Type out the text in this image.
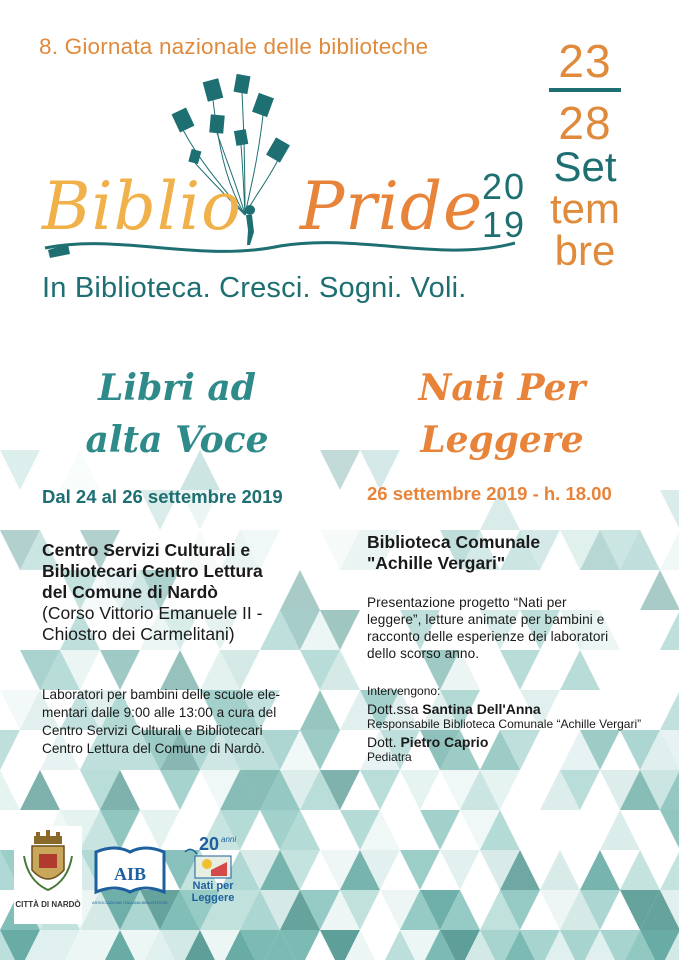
8. Giornata nazionale delle biblioteche	23
28
Set
tem
bre
Biblio Pride
20
19
In Biblioteca. Cresci. Sogni. Voli.
Libri ad
alta Voce
Dal 24 al 26 settembre 2019
Centro Servizi Culturali e
Bibliotecari Centro Lettura
del Comune di Nardò
(Corso Vittorio Emanuele II -
Chiostro dei Carmelitani)
Laboratori per bambini delle scuole ele-
mentari dalle 9:00 alle 13:00 a cura del
Centro Servizi Culturali e Bibliotecari
Centro Lettura del Comune di Nardò.
Nati Per
Leggere
26 settembre 2019 - h. 18.00
Biblioteca Comunale
"Achille Vergari"
Presentazione progetto “Nati per
leggere”, letture animate per bambini e
racconto delle esperienze dei laboratori
dello scorso anno.
Intervengono:
Dott.ssa Santina Dell'Anna
Responsabile Biblioteca Comunale “Achille Vergari”
Dott. Pietro Caprio
Pediatra
CITTÀ DI NARDÒ
AIB
ASSOCIAZIONE ITALIANA BIBLIOTECHE
20 anni
Nati per
Leggere
